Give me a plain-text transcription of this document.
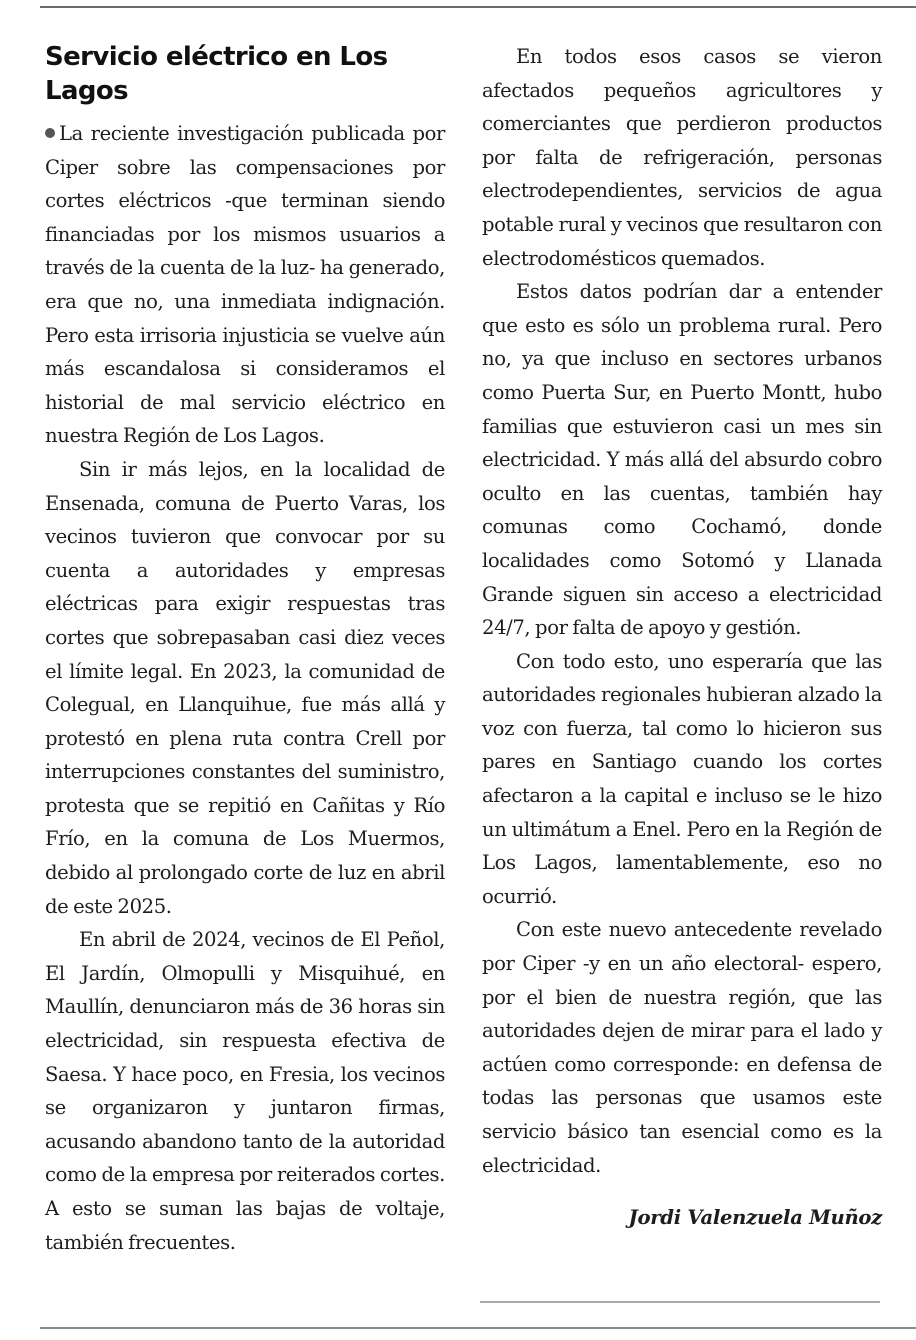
Servicio eléctrico en Los Lagos

La reciente investigación publicada por Ciper sobre las compensaciones por cortes eléctricos -que terminan siendo financiadas por los mismos usuarios a través de la cuenta de la luz- ha generado, era que no, una inmediata indignación. Pero esta irrisoria injusticia se vuelve aún más escandalosa si consideramos el historial de mal servicio eléctrico en nuestra Región de Los Lagos.

Sin ir más lejos, en la localidad de Ensenada, comuna de Puerto Varas, los vecinos tuvieron que convocar por su cuenta a autoridades y empresas eléctricas para exigir respuestas tras cortes que sobrepasaban casi diez veces el límite legal. En 2023, la comunidad de Colegual, en Llanquihue, fue más allá y protestó en plena ruta contra Crell por interrupciones constantes del suministro, protesta que se repitió en Cañitas y Río Frío, en la comuna de Los Muermos, debido al prolongado corte de luz en abril de este 2025.

En abril de 2024, vecinos de El Peñol, El Jardín, Olmopulli y Misquihué, en Maullín, denunciaron más de 36 horas sin electricidad, sin respuesta efectiva de Saesa. Y hace poco, en Fresia, los vecinos se organizaron y juntaron firmas, acusando abandono tanto de la autoridad como de la empresa por reiterados cortes. A esto se suman las bajas de voltaje, también frecuentes.

En todos esos casos se vieron afectados pequeños agricultores y comerciantes que perdieron productos por falta de refrigeración, personas electrodependientes, servicios de agua potable rural y vecinos que resultaron con electrodomésticos quemados.

Estos datos podrían dar a entender que esto es sólo un problema rural. Pero no, ya que incluso en sectores urbanos como Puerta Sur, en Puerto Montt, hubo familias que estuvieron casi un mes sin electricidad. Y más allá del absurdo cobro oculto en las cuentas, también hay comunas como Cochamó, donde localidades como Sotomó y Llanada Grande siguen sin acceso a electricidad 24/7, por falta de apoyo y gestión.

Con todo esto, uno esperaría que las autoridades regionales hubieran alzado la voz con fuerza, tal como lo hicieron sus pares en Santiago cuando los cortes afectaron a la capital e incluso se le hizo un ultimátum a Enel. Pero en la Región de Los Lagos, lamentablemente, eso no ocurrió.

Con este nuevo antecedente revelado por Ciper -y en un año electoral- espero, por el bien de nuestra región, que las autoridades dejen de mirar para el lado y actúen como corresponde: en defensa de todas las personas que usamos este servicio básico tan esencial como es la electricidad.

Jordi Valenzuela Muñoz
